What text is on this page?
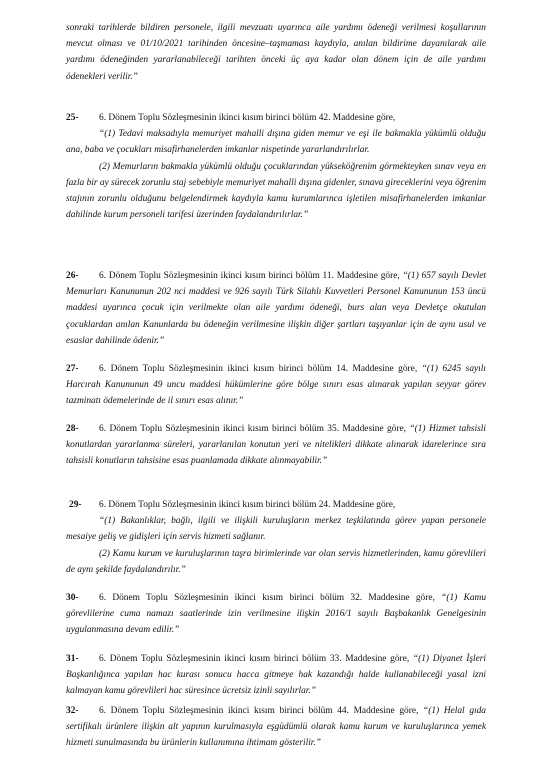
sonraki tarihlerde bildiren personele, ilgili mevzuatı uyarınca aile yardımı ödeneği verilmesi koşullarının mevcut olması ve 01/10/2021 tarihinden öncesine–taşmaması kaydıyla, anılan bildirime dayanılarak aile yardımı ödeneğinden yararlanabileceği tarihten önceki üç aya kadar olan dönem için de aile yardımı ödenekleri verilir.”

25- 6. Dönem Toplu Sözleşmesinin ikinci kısım birinci bölüm 42. Maddesine göre,

“(1) Tedavi maksadıyla memuriyet mahalli dışına giden memur ve eşi ile bakmakla yükümlü olduğu ana, baba ve çocukları misafirhanelerden imkanlar nispetinde yararlandırılırlar.

(2) Memurların bakmakla yükümlü olduğu çocuklarından yükseköğrenim görmekteyken sınav veya en fazla bir ay sürecek zorunlu staj sebebiyle memuriyet mahalli dışına gidenler, sınava gireceklerini veya öğrenim stajının zorunlu olduğunu belgelendirmek kaydıyla kamu kurumlarınca işletilen misafirhanelerden imkanlar dahilinde kurum personeli tarifesi üzerinden faydalandırılırlar.”

26- 6. Dönem Toplu Sözleşmesinin ikinci kısım birinci bölüm 11. Maddesine göre, “(1) 657 sayılı Devlet Memurları Kanununun 202 nci maddesi ve 926 sayılı Türk Silahlı Kuvvetleri Personel Kanununun 153 üncü maddesi uyarınca çocuk için verilmekte olan aile yardımı ödeneği, burs alan veya Devletçe okutulan çocuklardan anılan Kanunlarda bu ödeneğin verilmesine ilişkin diğer şartları taşıyanlar için de aynı usul ve esaslar dahilinde ödenir.”

27- 6. Dönem Toplu Sözleşmesinin ikinci kısım birinci bölüm 14. Maddesine göre, “(1) 6245 sayılı Harcırah Kanununun 49 uncu maddesi hükümlerine göre bölge sınırı esas alınarak yapılan seyyar görev tazminatı ödemelerinde de il sınırı esas alınır.”

28- 6. Dönem Toplu Sözleşmesinin ikinci kısım birinci bölüm 35. Maddesine göre, “(1) Hizmet tahsisli konutlardan yararlanma süreleri, yararlanılan konutun yeri ve nitelikleri dikkate alınarak idarelerince sıra tahsisli konutların tahsisine esas puanlamada dikkate alınmayabilir.”

29- 6. Dönem Toplu Sözleşmesinin ikinci kısım birinci bölüm 24. Maddesine göre,

“(1) Bakanlıklar, bağlı, ilgili ve ilişkili kuruluşların merkez teşkilatında görev yapan personele mesaiye geliş ve gidişleri için servis hizmeti sağlanır.

(2) Kamu kurum ve kuruluşlarının taşra birimlerinde var olan servis hizmetlerinden, kamu görevlileri de aynı şekilde faydalandırılır.”

30- 6. Dönem Toplu Sözleşmesinin ikinci kısım birinci bölüm 32. Maddesine göre, “(1) Kamu görevlilerine cuma namazı saatlerinde izin verilmesine ilişkin 2016/1 sayılı Başbakanlık Genelgesinin uygulanmasına devam edilir.”

31- 6. Dönem Toplu Sözleşmesinin ikinci kısım birinci bölüm 33. Maddesine göre, “(1) Diyanet İşleri Başkanlığınca yapılan hac kurası sonucu hacca gitmeye hak kazandığı halde kullanabileceği yasal izni kalmayan kamu görevlileri hac süresince ücretsiz izinli sayılırlar.”

32- 6. Dönem Toplu Sözleşmesinin ikinci kısım birinci bölüm 44. Maddesine göre, “(1) Helal gıda sertifikalı ürünlere ilişkin alt yapının kurulmasıyla eşgüdümlü olarak kamu kurum ve kuruluşlarınca yemek hizmeti sunulmasında bu ürünlerin kullanımına ihtimam gösterilir.”
